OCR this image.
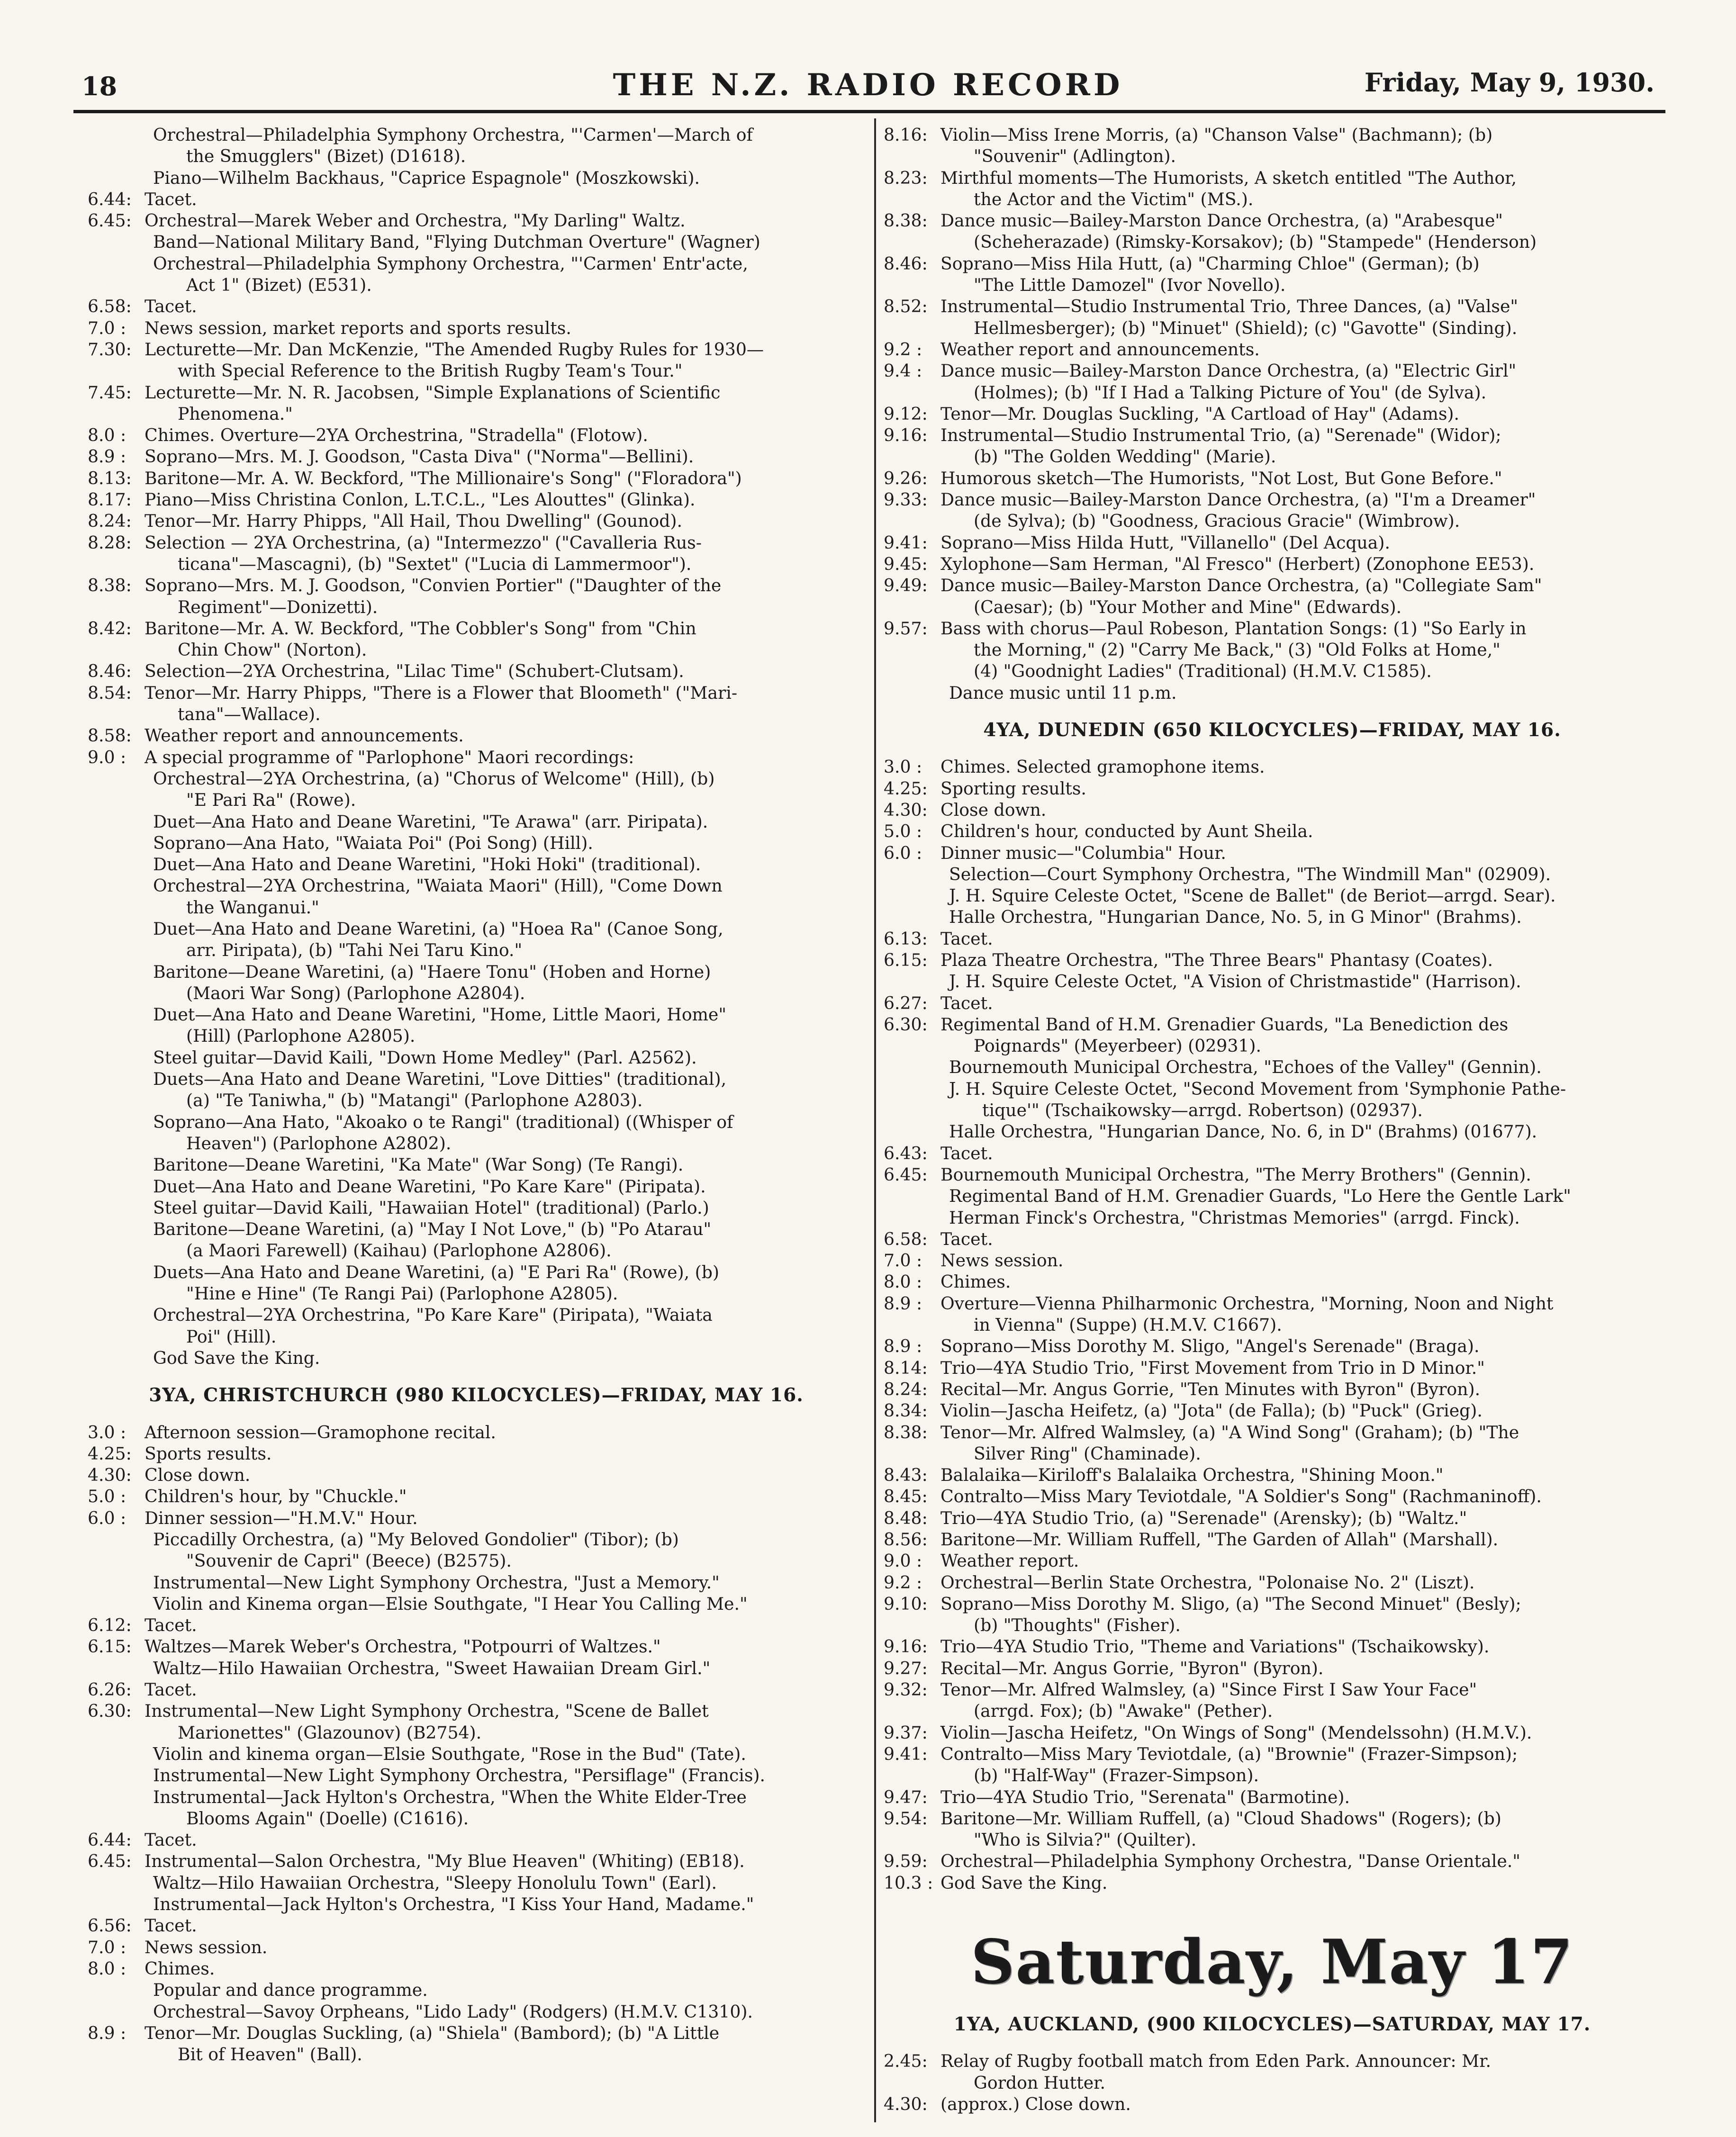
18	THE N.Z. RADIO RECORD	Friday, May 9, 1930.
Orchestral—Philadelphia Symphony Orchestra, "'Carmen'—March of
the Smugglers" (Bizet) (D1618).
Piano—Wilhelm Backhaus, "Caprice Espagnole" (Moszkowski).
6.44: Tacet.
6.45: Orchestral—Marek Weber and Orchestra, "My Darling" Waltz.
Band—National Military Band, "Flying Dutchman Overture" (Wagner)
Orchestral—Philadelphia Symphony Orchestra, "'Carmen' Entr'acte,
Act 1" (Bizet) (E531).
6.58: Tacet.
7.0 :	News session, market reports and sports results.
7.30: Lecturette—Mr. Dan McKenzie, "The Amended Rugby Rules for 1930—
with Special Reference to the British Rugby Team's Tour."
7.45: Lecturette—Mr. N. R. Jacobsen, "Simple Explanations of Scientific
Phenomena."
8.0 :	Chimes. Overture—2YA Orchestrina, "Stradella" (Flotow).
8.9 :	Soprano—Mrs. M. J. Goodson, "Casta Diva" ("Norma"—Bellini).
8.13: Baritone—Mr. A. W. Beckford, "The Millionaire's Song" ("Floradora")
8.17: Piano—Miss Christina Conlon, L.T.C.L., "Les Alouttes" (Glinka).
8.24: Tenor—Mr. Harry Phipps, "All Hail, Thou Dwelling" (Gounod).
8.28: Selection — 2YA Orchestrina, (a) "Intermezzo" ("Cavalleria Rus-
ticana"—Mascagni), (b) "Sextet" ("Lucia di Lammermoor").
8.38: Soprano—Mrs. M. J. Goodson, "Convien Portier" ("Daughter of the
Regiment"—Donizetti).
8.42: Baritone—Mr. A. W. Beckford, "The Cobbler's Song" from "Chin
Chin Chow" (Norton).
8.46: Selection—2YA Orchestrina, "Lilac Time" (Schubert-Clutsam).
8.54: Tenor—Mr. Harry Phipps, "There is a Flower that Bloometh" ("Mari-
tana"—Wallace).
8.58: Weather report and announcements.
9.0 :	A special programme of "Parlophone" Maori recordings:
Orchestral—2YA Orchestrina, (a) "Chorus of Welcome" (Hill), (b)
"E Pari Ra" (Rowe).
Duet—Ana Hato and Deane Waretini, "Te Arawa" (arr. Piripata).
Soprano—Ana Hato, "Waiata Poi" (Poi Song) (Hill).
Duet—Ana Hato and Deane Waretini, "Hoki Hoki" (traditional).
Orchestral—2YA Orchestrina, "Waiata Maori" (Hill), "Come Down
the Wanganui."
Duet—Ana Hato and Deane Waretini, (a) "Hoea Ra" (Canoe Song,
arr. Piripata), (b) "Tahi Nei Taru Kino."
Baritone—Deane Waretini, (a) "Haere Tonu" (Hoben and Horne)
(Maori War Song) (Parlophone A2804).
Duet—Ana Hato and Deane Waretini, "Home, Little Maori, Home"
(Hill) (Parlophone A2805).
Steel guitar—David Kaili, "Down Home Medley" (Parl. A2562).
Duets—Ana Hato and Deane Waretini, "Love Ditties" (traditional),
(a) "Te Taniwha," (b) "Matangi" (Parlophone A2803).
Soprano—Ana Hato, "Akoako o te Rangi" (traditional) ((Whisper of
Heaven") (Parlophone A2802).
Baritone—Deane Waretini, "Ka Mate" (War Song) (Te Rangi).
Duet—Ana Hato and Deane Waretini, "Po Kare Kare" (Piripata).
Steel guitar—David Kaili, "Hawaiian Hotel" (traditional) (Parlo.)
Baritone—Deane Waretini, (a) "May I Not Love," (b) "Po Atarau"
(a Maori Farewell) (Kaihau) (Parlophone A2806).
Duets—Ana Hato and Deane Waretini, (a) "E Pari Ra" (Rowe), (b)
"Hine e Hine" (Te Rangi Pai) (Parlophone A2805).
Orchestral—2YA Orchestrina, "Po Kare Kare" (Piripata), "Waiata
Poi" (Hill).
God Save the King.
3YA, CHRISTCHURCH (980 KILOCYCLES)—FRIDAY, MAY 16.
3.0 :	Afternoon session—Gramophone recital.
4.25: Sports results.
4.30: Close down.
5.0 :	Children's hour, by "Chuckle."
6.0 :	Dinner session—"H.M.V." Hour.
Piccadilly Orchestra, (a) "My Beloved Gondolier" (Tibor); (b)
"Souvenir de Capri" (Beece) (B2575).
Instrumental—New Light Symphony Orchestra, "Just a Memory."
Violin and Kinema organ—Elsie Southgate, "I Hear You Calling Me."
6.12: Tacet.
6.15: Waltzes—Marek Weber's Orchestra, "Potpourri of Waltzes."
Waltz—Hilo Hawaiian Orchestra, "Sweet Hawaiian Dream Girl."
6.26: Tacet.
6.30: Instrumental—New Light Symphony Orchestra, "Scene de Ballet
Marionettes" (Glazounov) (B2754).
Violin and kinema organ—Elsie Southgate, "Rose in the Bud" (Tate).
Instrumental—New Light Symphony Orchestra, "Persiflage" (Francis).
Instrumental—Jack Hylton's Orchestra, "When the White Elder-Tree
Blooms Again" (Doelle) (C1616).
6.44: Tacet.
6.45: Instrumental—Salon Orchestra, "My Blue Heaven" (Whiting) (EB18).
Waltz—Hilo Hawaiian Orchestra, "Sleepy Honolulu Town" (Earl).
Instrumental—Jack Hylton's Orchestra, "I Kiss Your Hand, Madame."
6.56: Tacet.
7.0 :	News session.
8.0 :	Chimes.
Popular and dance programme.
Orchestral—Savoy Orpheans, "Lido Lady" (Rodgers) (H.M.V. C1310).
8.9 :	Tenor—Mr. Douglas Suckling, (a) "Shiela" (Bambord); (b) "A Little
Bit of Heaven" (Ball).
8.16: Violin—Miss Irene Morris, (a) "Chanson Valse" (Bachmann); (b)
"Souvenir" (Adlington).
8.23: Mirthful moments—The Humorists, A sketch entitled "The Author,
the Actor and the Victim" (MS.).
8.38: Dance music—Bailey-Marston Dance Orchestra, (a) "Arabesque"
(Scheherazade) (Rimsky-Korsakov); (b) "Stampede" (Henderson)
8.46: Soprano—Miss Hila Hutt, (a) "Charming Chloe" (German); (b)
"The Little Damozel" (Ivor Novello).
8.52: Instrumental—Studio Instrumental Trio, Three Dances, (a) "Valse"
Hellmesberger); (b) "Minuet" (Shield); (c) "Gavotte" (Sinding).
9.2 :	Weather report and announcements.
9.4 :	Dance music—Bailey-Marston Dance Orchestra, (a) "Electric Girl"
(Holmes); (b) "If I Had a Talking Picture of You" (de Sylva).
9.12: Tenor—Mr. Douglas Suckling, "A Cartload of Hay" (Adams).
9.16: Instrumental—Studio Instrumental Trio, (a) "Serenade" (Widor);
(b) "The Golden Wedding" (Marie).
9.26: Humorous sketch—The Humorists, "Not Lost, But Gone Before."
9.33: Dance music—Bailey-Marston Dance Orchestra, (a) "I'm a Dreamer"
(de Sylva); (b) "Goodness, Gracious Gracie" (Wimbrow).
9.41: Soprano—Miss Hilda Hutt, "Villanello" (Del Acqua).
9.45: Xylophone—Sam Herman, "Al Fresco" (Herbert) (Zonophone EE53).
9.49: Dance music—Bailey-Marston Dance Orchestra, (a) "Collegiate Sam"
(Caesar); (b) "Your Mother and Mine" (Edwards).
9.57: Bass with chorus—Paul Robeson, Plantation Songs: (1) "So Early in
the Morning," (2) "Carry Me Back," (3) "Old Folks at Home,"
(4) "Goodnight Ladies" (Traditional) (H.M.V. C1585).
Dance music until 11 p.m.
4YA, DUNEDIN (650 KILOCYCLES)—FRIDAY, MAY 16.
3.0 :	Chimes. Selected gramophone items.
4.25: Sporting results.
4.30: Close down.
5.0 :	Children's hour, conducted by Aunt Sheila.
6.0 :	Dinner music—"Columbia" Hour.
Selection—Court Symphony Orchestra, "The Windmill Man" (02909).
J. H. Squire Celeste Octet, "Scene de Ballet" (de Beriot—arrgd. Sear).
Halle Orchestra, "Hungarian Dance, No. 5, in G Minor" (Brahms).
6.13: Tacet.
6.15: Plaza Theatre Orchestra, "The Three Bears" Phantasy (Coates).
J. H. Squire Celeste Octet, "A Vision of Christmastide" (Harrison).
6.27: Tacet.
6.30: Regimental Band of H.M. Grenadier Guards, "La Benediction des
Poignards" (Meyerbeer) (02931).
Bournemouth Municipal Orchestra, "Echoes of the Valley" (Gennin).
J. H. Squire Celeste Octet, "Second Movement from 'Symphonie Pathe-
tique'" (Tschaikowsky—arrgd. Robertson) (02937).
Halle Orchestra, "Hungarian Dance, No. 6, in D" (Brahms) (01677).
6.43: Tacet.
6.45: Bournemouth Municipal Orchestra, "The Merry Brothers" (Gennin).
Regimental Band of H.M. Grenadier Guards, "Lo Here the Gentle Lark"
Herman Finck's Orchestra, "Christmas Memories" (arrgd. Finck).
6.58: Tacet.
7.0 :	News session.
8.0 :	Chimes.
8.9 :	Overture—Vienna Philharmonic Orchestra, "Morning, Noon and Night
in Vienna" (Suppe) (H.M.V. C1667).
8.9 :	Soprano—Miss Dorothy M. Sligo, "Angel's Serenade" (Braga).
8.14: Trio—4YA Studio Trio, "First Movement from Trio in D Minor."
8.24: Recital—Mr. Angus Gorrie, "Ten Minutes with Byron" (Byron).
8.34: Violin—Jascha Heifetz, (a) "Jota" (de Falla); (b) "Puck" (Grieg).
8.38: Tenor—Mr. Alfred Walmsley, (a) "A Wind Song" (Graham); (b) "The
Silver Ring" (Chaminade).
8.43: Balalaika—Kiriloff's Balalaika Orchestra, "Shining Moon."
8.45: Contralto—Miss Mary Teviotdale, "A Soldier's Song" (Rachmaninoff).
8.48: Trio—4YA Studio Trio, (a) "Serenade" (Arensky); (b) "Waltz."
8.56: Baritone—Mr. William Ruffell, "The Garden of Allah" (Marshall).
9.0 :	Weather report.
9.2 :	Orchestral—Berlin State Orchestra, "Polonaise No. 2" (Liszt).
9.10: Soprano—Miss Dorothy M. Sligo, (a) "The Second Minuet" (Besly);
(b) "Thoughts" (Fisher).
9.16: Trio—4YA Studio Trio, "Theme and Variations" (Tschaikowsky).
9.27: Recital—Mr. Angus Gorrie, "Byron" (Byron).
9.32: Tenor—Mr. Alfred Walmsley, (a) "Since First I Saw Your Face"
(arrgd. Fox); (b) "Awake" (Pether).
9.37: Violin—Jascha Heifetz, "On Wings of Song" (Mendelssohn) (H.M.V.).
9.41: Contralto—Miss Mary Teviotdale, (a) "Brownie" (Frazer-Simpson);
(b) "Half-Way" (Frazer-Simpson).
9.47: Trio—4YA Studio Trio, "Serenata" (Barmotine).
9.54: Baritone—Mr. William Ruffell, (a) "Cloud Shadows" (Rogers); (b)
"Who is Silvia?" (Quilter).
9.59: Orchestral—Philadelphia Symphony Orchestra, "Danse Orientale."
10.3 : God Save the King.
Saturday, May 17
1YA, AUCKLAND, (900 KILOCYCLES)—SATURDAY, MAY 17.
2.45: Relay of Rugby football match from Eden Park. Announcer: Mr.
Gordon Hutter.
4.30: (approx.) Close down.
